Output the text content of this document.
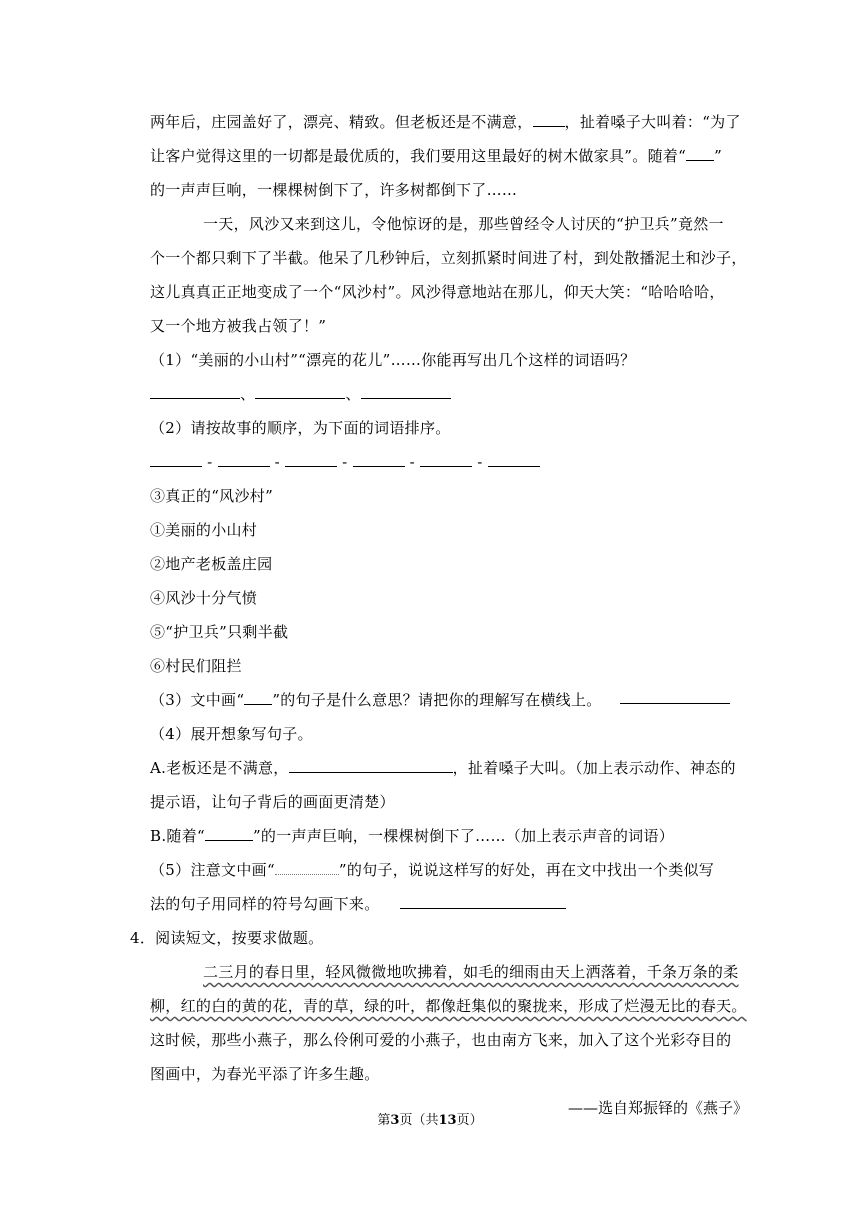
两年后，庄园盖好了，漂亮、精致。但老板还是不满意， ，扯着嗓子大叫着：“为了
让客户觉得这里的一切都是最优质的，我们要用这里最好的树木做家具”。随着“ ”
的一声声巨响，一棵棵树倒下了，许多树都倒下了……
一天，风沙又来到这儿，令他惊讶的是，那些曾经令人讨厌的“护卫兵”竟然一
个一个都只剩下了半截。他呆了几秒钟后，立刻抓紧时间进了村，到处散播泥土和沙子，
这儿真真正正地变成了一个“风沙村”。风沙得意地站在那儿，仰天大笑：“哈哈哈哈，
又一个地方被我占领了！”
（1）“美丽的小山村”“漂亮的花儿”……你能再写出几个这样的词语吗？
、	、
（2）请按故事的顺序，为下面的词语排序。
-	-	-	-	-
③真正的“风沙村”
①美丽的小山村
②地产老板盖庄园
④风沙十分气愤
⑤“护卫兵”只剩半截
⑥村民们阻拦
（3）文中画“ ”的句子是什么意思？请把你的理解写在横线上。
（4）展开想象写句子。
A.老板还是不满意，	，扯着嗓子大叫。（加上表示动作、神态的
提示语，让句子背后的画面更清楚）
B.随着“	”的一声声巨响，一棵棵树倒下了……（加上表示声音的词语）
（5）注意文中画“	”的句子，说说这样写的好处，再在文中找出一个类似写
法的句子用同样的符号勾画下来。
4．阅读短文，按要求做题。
二三月的春日里，轻风微微地吹拂着，如毛的细雨由天上洒落着，千条万条的柔
柳，红的白的黄的花，青的草，绿的叶，都像赶集似的聚拢来，形成了烂漫无比的春天。
这时候，那些小燕子，那么伶俐可爱的小燕子，也由南方飞来，加入了这个光彩夺目的
图画中，为春光平添了许多生趣。
——选自郑振铎的《燕子》
第3页（共13页）
